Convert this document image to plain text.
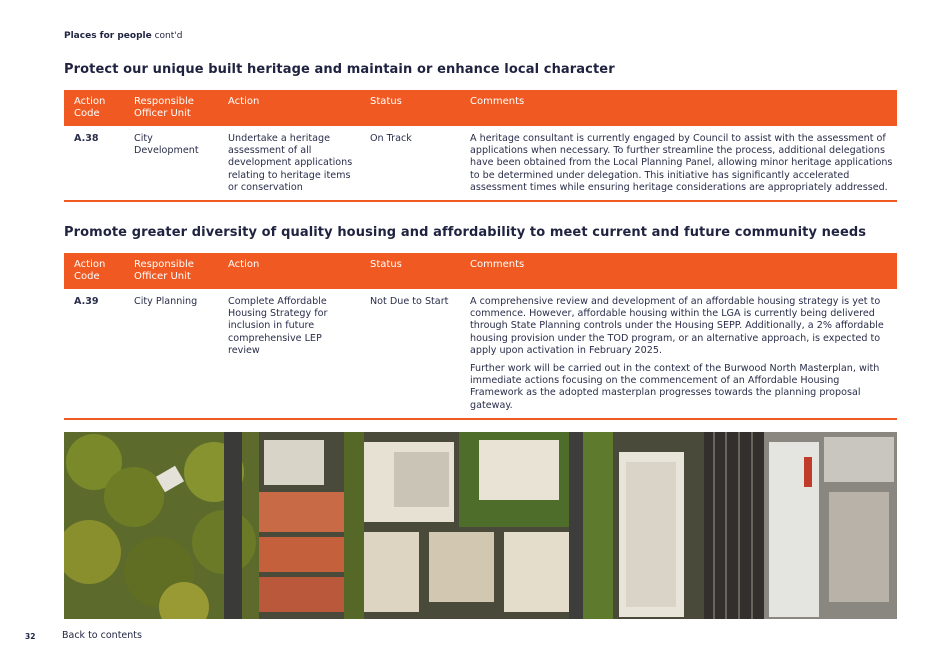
Places for people cont'd
Protect our unique built heritage and maintain or enhance local character
Action Code	Responsible Officer Unit	Action	Status	Comments
A.38	City Development	Undertake a heritage assessment of all development applications relating to heritage items or conservation	On Track	A heritage consultant is currently engaged by Council to assist with the assessment of applications when necessary. To further streamline the process, additional delegations have been obtained from the Local Planning Panel, allowing minor heritage applications to be determined under delegation. This initiative has significantly accelerated assessment times while ensuring heritage considerations are appropriately addressed.

Promote greater diversity of quality housing and affordability to meet current and future community needs
Action Code	Responsible Officer Unit	Action	Status	Comments
A.39	City Planning	Complete Affordable Housing Strategy for inclusion in future comprehensive LEP review	Not Due to Start	A comprehensive review and development of an affordable housing strategy is yet to commence. However, affordable housing within the LGA is currently being delivered through State Planning controls under the Housing SEPP. Additionally, a 2% affordable housing provision under the TOD program, or an alternative approach, is expected to apply upon activation in February 2025.

Further work will be carried out in the context of the Burwood North Masterplan, with immediate actions focusing on the commencement of an Affordable Housing Framework as the adopted masterplan progresses towards the planning proposal gateway.

32	Back to contents
